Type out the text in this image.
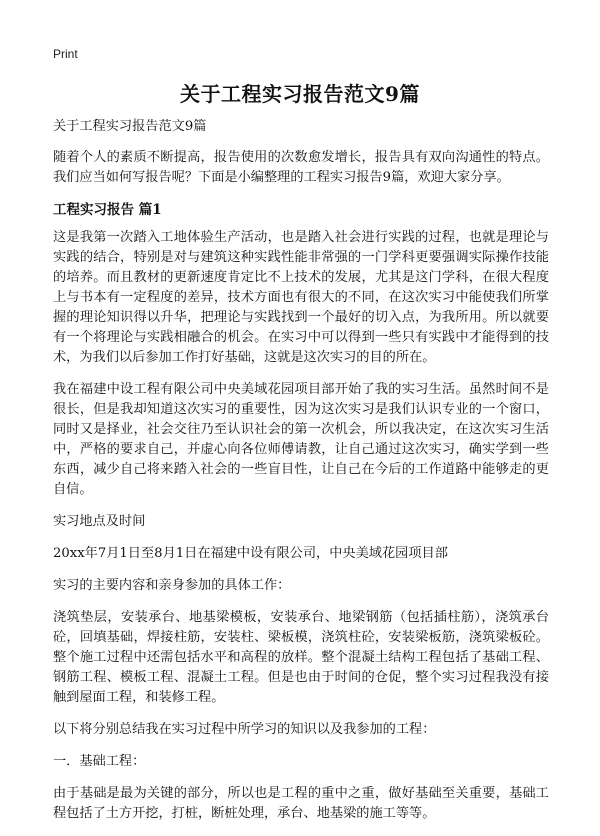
Print
关于工程实习报告范文9篇

关于工程实习报告范文9篇

随着个人的素质不断提高，报告使用的次数愈发增长，报告具有双向沟通性的特点。我们应当如何写报告呢？下面是小编整理的工程实习报告9篇，欢迎大家分享。

工程实习报告 篇1

这是我第一次踏入工地体验生产活动，也是踏入社会进行实践的过程，也就是理论与实践的结合，特别是对与建筑这种实践性能非常强的一门学科更要强调实际操作技能的培养。而且教材的更新速度肯定比不上技术的发展，尤其是这门学科，在很大程度上与书本有一定程度的差异，技术方面也有很大的不同，在这次实习中能使我们所掌握的理论知识得以升华，把理论与实践找到一个最好的切入点，为我所用。所以就要有一个将理论与实践相融合的机会。在实习中可以得到一些只有实践中才能得到的技术，为我们以后参加工作打好基础，这就是这次实习的目的所在。

我在福建中设工程有限公司中央美域花园项目部开始了我的实习生活。虽然时间不是很长，但是我却知道这次实习的重要性，因为这次实习是我们认识专业的一个窗口，同时又是择业，社会交往乃至认识社会的第一次机会，所以我决定，在这次实习生活中，严格的要求自己，并虚心向各位师傅请教，让自己通过这次实习，确实学到一些东西，减少自己将来踏入社会的一些盲目性，让自己在今后的工作道路中能够走的更自信。

实习地点及时间

20xx年7月1日至8月1日在福建中设有限公司，中央美域花园项目部

实习的主要内容和亲身参加的具体工作：

浇筑垫层，安装承台、地基梁模板，安装承台、地梁钢筋（包括插柱筋），浇筑承台砼，回填基础，焊接柱筋，安装柱、梁板模，浇筑柱砼，安装梁板筋，浇筑梁板砼。整个施工过程中还需包括水平和高程的放样。整个混凝土结构工程包括了基础工程、钢筋工程、模板工程、混凝土工程。但是也由于时间的仓促，整个实习过程我没有接触到屋面工程，和装修工程。

以下将分别总结我在实习过程中所学习的知识以及我参加的工程：

一．基础工程：

由于基础是最为关键的部分，所以也是工程的重中之重，做好基础至关重要，基础工程包括了土方开挖，打桩，断桩处理，承台、地基梁的施工等等。
